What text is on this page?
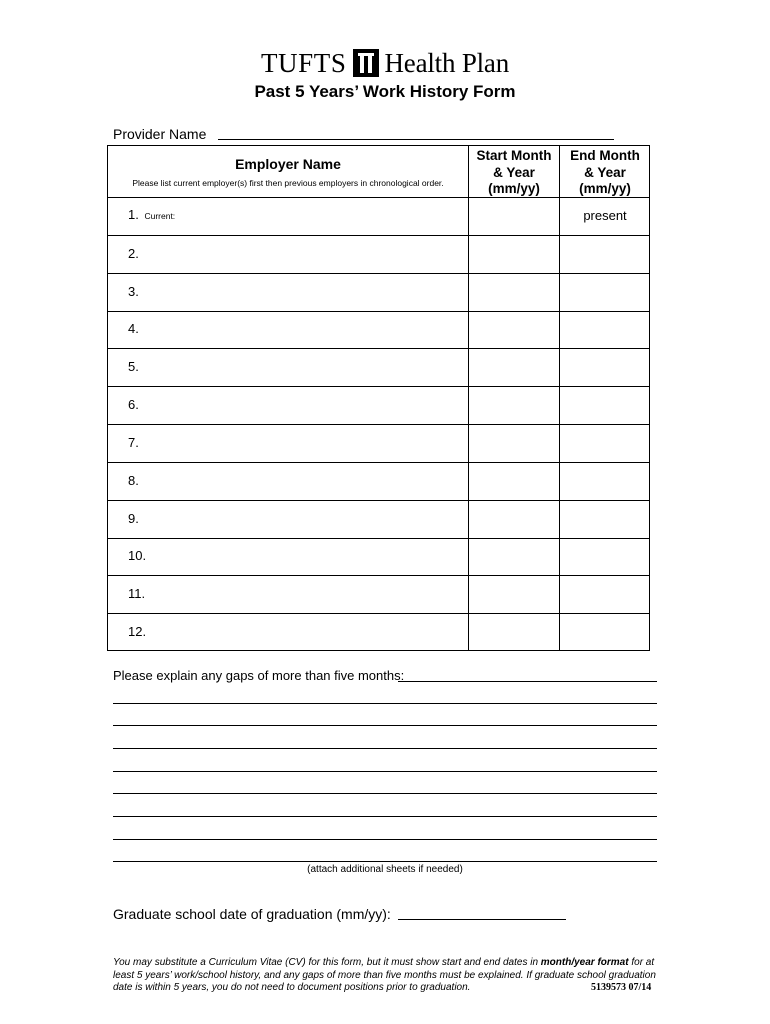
TUFTS Health Plan
Past 5 Years’ Work History Form
Provider Name
Employer Name
Please list current employer(s) first then previous employers in chronological order.
Start Month
& Year
(mm/yy)
End Month
& Year
(mm/yy)
1. Current:	present
2.
3.
4.
5.
6.
7.
8.
9.
10.
11.
12.
Please explain any gaps of more than five months:
(attach additional sheets if needed)
Graduate school date of graduation (mm/yy):
You may substitute a Curriculum Vitae (CV) for this form, but it must show start and end dates in month/year format for at least 5 years’ work/school history, and any gaps of more than five months must be explained. If graduate school graduation date is within 5 years, you do not need to document positions prior to graduation.	5139573 07/14
